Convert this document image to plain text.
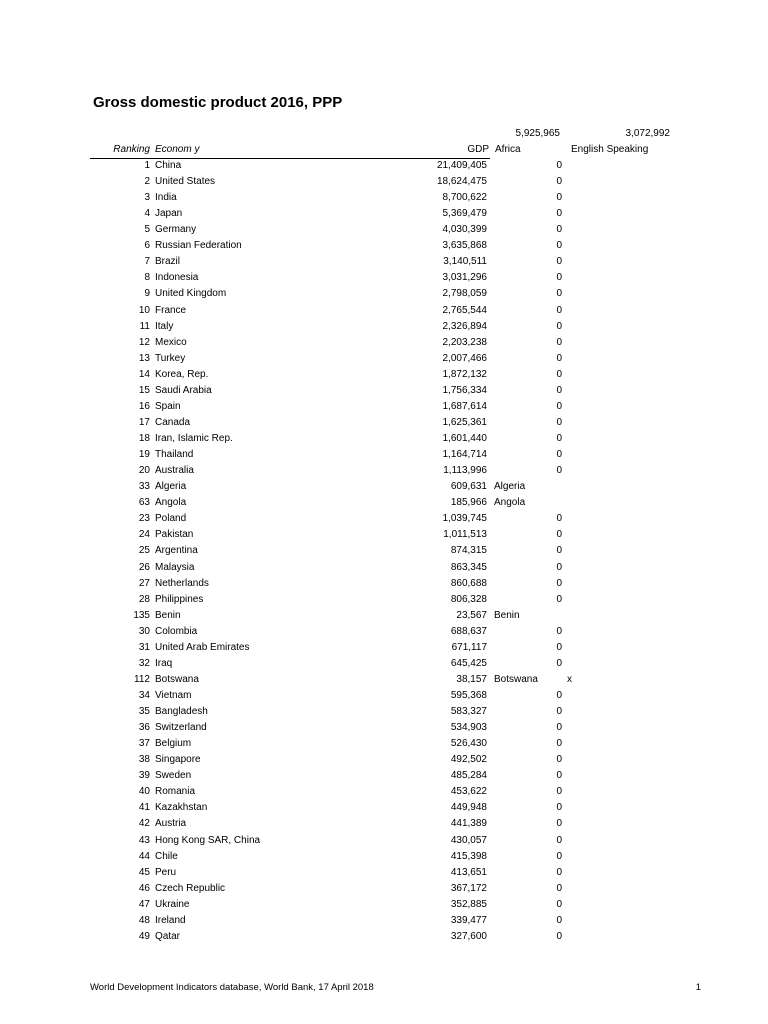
Gross domestic product 2016, PPP
5,925,965	3,072,992
Ranking Econom y	GDP Africa	English Speaking
1 China	21,409,405	0
2 United States	18,624,475	0
3 India	8,700,622	0
4 Japan	5,369,479	0
5 Germany	4,030,399	0
6 Russian Federation	3,635,868	0
7 Brazil	3,140,511	0
8 Indonesia	3,031,296	0
9 United Kingdom	2,798,059	0
10 France	2,765,544	0
11 Italy	2,326,894	0
12 Mexico	2,203,238	0
13 Turkey	2,007,466	0
14 Korea, Rep.	1,872,132	0
15 Saudi Arabia	1,756,334	0
16 Spain	1,687,614	0
17 Canada	1,625,361	0
18 Iran, Islamic Rep.	1,601,440	0
19 Thailand	1,164,714	0
20 Australia	1,113,996	0
33 Algeria	609,631 Algeria
63 Angola	185,966 Angola
23 Poland	1,039,745	0
24 Pakistan	1,011,513	0
25 Argentina	874,315	0
26 Malaysia	863,345	0
27 Netherlands	860,688	0
28 Philippines	806,328	0
135 Benin	23,567 Benin
30 Colombia	688,637	0
31 United Arab Emirates	671,117	0
32 Iraq	645,425	0
112 Botswana	38,157 Botswana	x
34 Vietnam	595,368	0
35 Bangladesh	583,327	0
36 Switzerland	534,903	0
37 Belgium	526,430	0
38 Singapore	492,502	0
39 Sweden	485,284	0
40 Romania	453,622	0
41 Kazakhstan	449,948	0
42 Austria	441,389	0
43 Hong Kong SAR, China	430,057	0
44 Chile	415,398	0
45 Peru	413,651	0
46 Czech Republic	367,172	0
47 Ukraine	352,885	0
48 Ireland	339,477	0
49 Qatar	327,600	0
World Development Indicators database, World Bank, 17 April 2018	1
